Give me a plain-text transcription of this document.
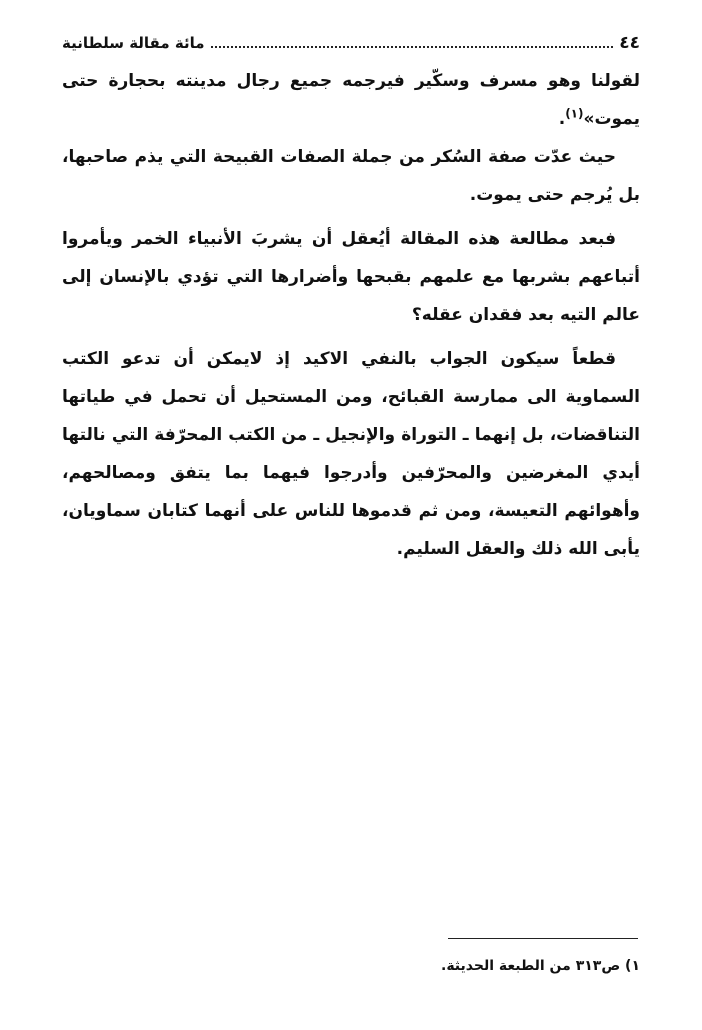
٤٤
مائة مقالة سلطانية

لقولنا وهو مسرف وسكّير فيرجمه جميع رجال مدينته بحجارة حتى يموت»$^{(١)}$.

حيث عدّت صفة السُكر من جملة الصفات القبيحة التي يذم صاحبها، بل يُرجم حتى يموت.

فبعد مطالعة هذه المقالة أيُعقل أن يشربَ الأنبياء الخمر ويأمروا أتباعهم بشربها مع علمهم بقبحها وأضرارها التي تؤدي بالإنسان إلى عالم التيه بعد فقدان عقله؟

قطعاً سيكون الجواب بالنفي الاكيد إذ لايمكن أن تدعو الكتب السماوية الى ممارسة القبائح، ومن المستحيل أن تحمل في طياتها التناقضات، بل إنهما ـ التوراة والإنجيل ـ من الكتب المحرّفة التي نالتها أيدي المغرضين والمحرّفين وأدرجوا فيهما بما يتفق ومصالحهم، وأهوائهم التعيسة، ومن ثم قدموها للناس على أنهما كتابان سماويان، يأبى الله ذلك والعقل السليم.

١) ص٣١٣ من الطبعة الحديثة.
